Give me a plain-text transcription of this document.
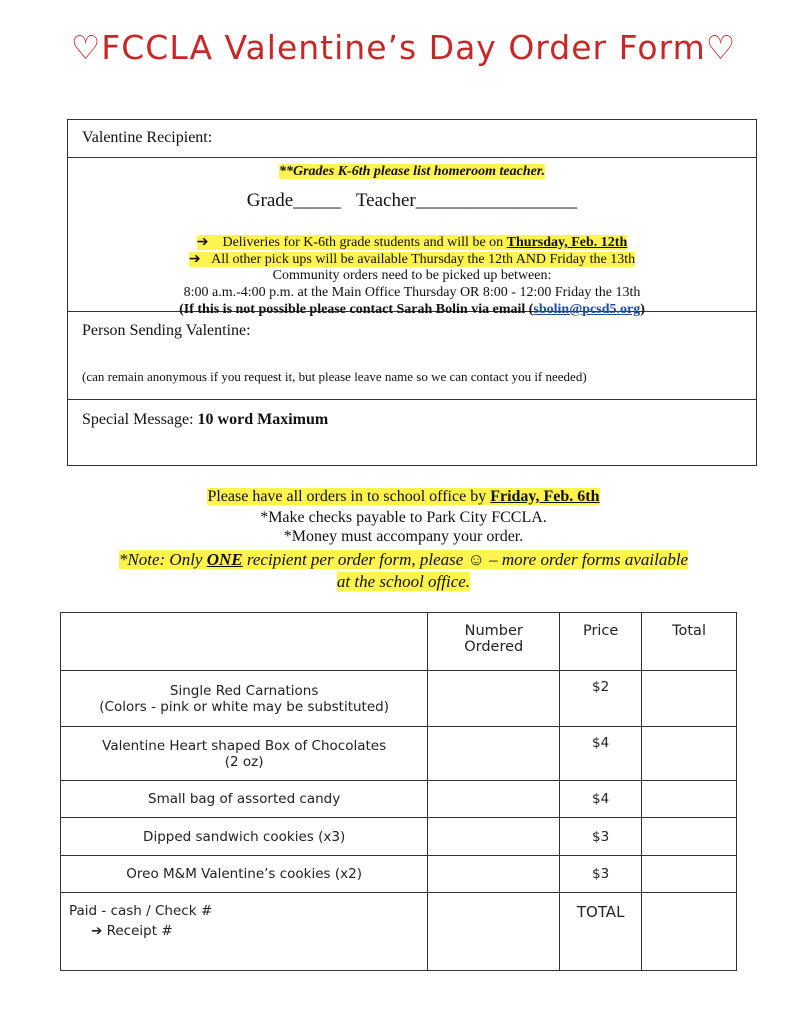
♡FCCLA Valentine’s Day Order Form♡
Valentine Recipient:
**Grades K-6th please list homeroom teacher.
Grade_____ Teacher_________________
➔ Deliveries for K-6th grade students and will be on Thursday, Feb. 12th
➔ All other pick ups will be available Thursday the 12th AND Friday the 13th
Community orders need to be picked up between:
8:00 a.m.-4:00 p.m. at the Main Office Thursday OR 8:00 - 12:00 Friday the 13th
(If this is not possible please contact Sarah Bolin via email (sbolin@pcsd5.org)
Person Sending Valentine:
(can remain anonymous if you request it, but please leave name so we can contact you if needed)
Special Message: 10 word Maximum
Please have all orders in to school office by Friday, Feb. 6th
*Make checks payable to Park City FCCLA.
*Money must accompany your order.
*Note: Only ONE recipient per order form, please ☺ – more order forms available
at the school office.
	Number Ordered	Price	Total
Single Red Carnations
(Colors - pink or white may be substituted)		$2	
Valentine Heart shaped Box of Chocolates
(2 oz)		$4	
Small bag of assorted candy		$4	
Dipped sandwich cookies (x3)		$3	
Oreo M&M Valentine’s cookies (x2)		$3	

Paid - cash / Check #
➔ Receipt #		TOTAL	
